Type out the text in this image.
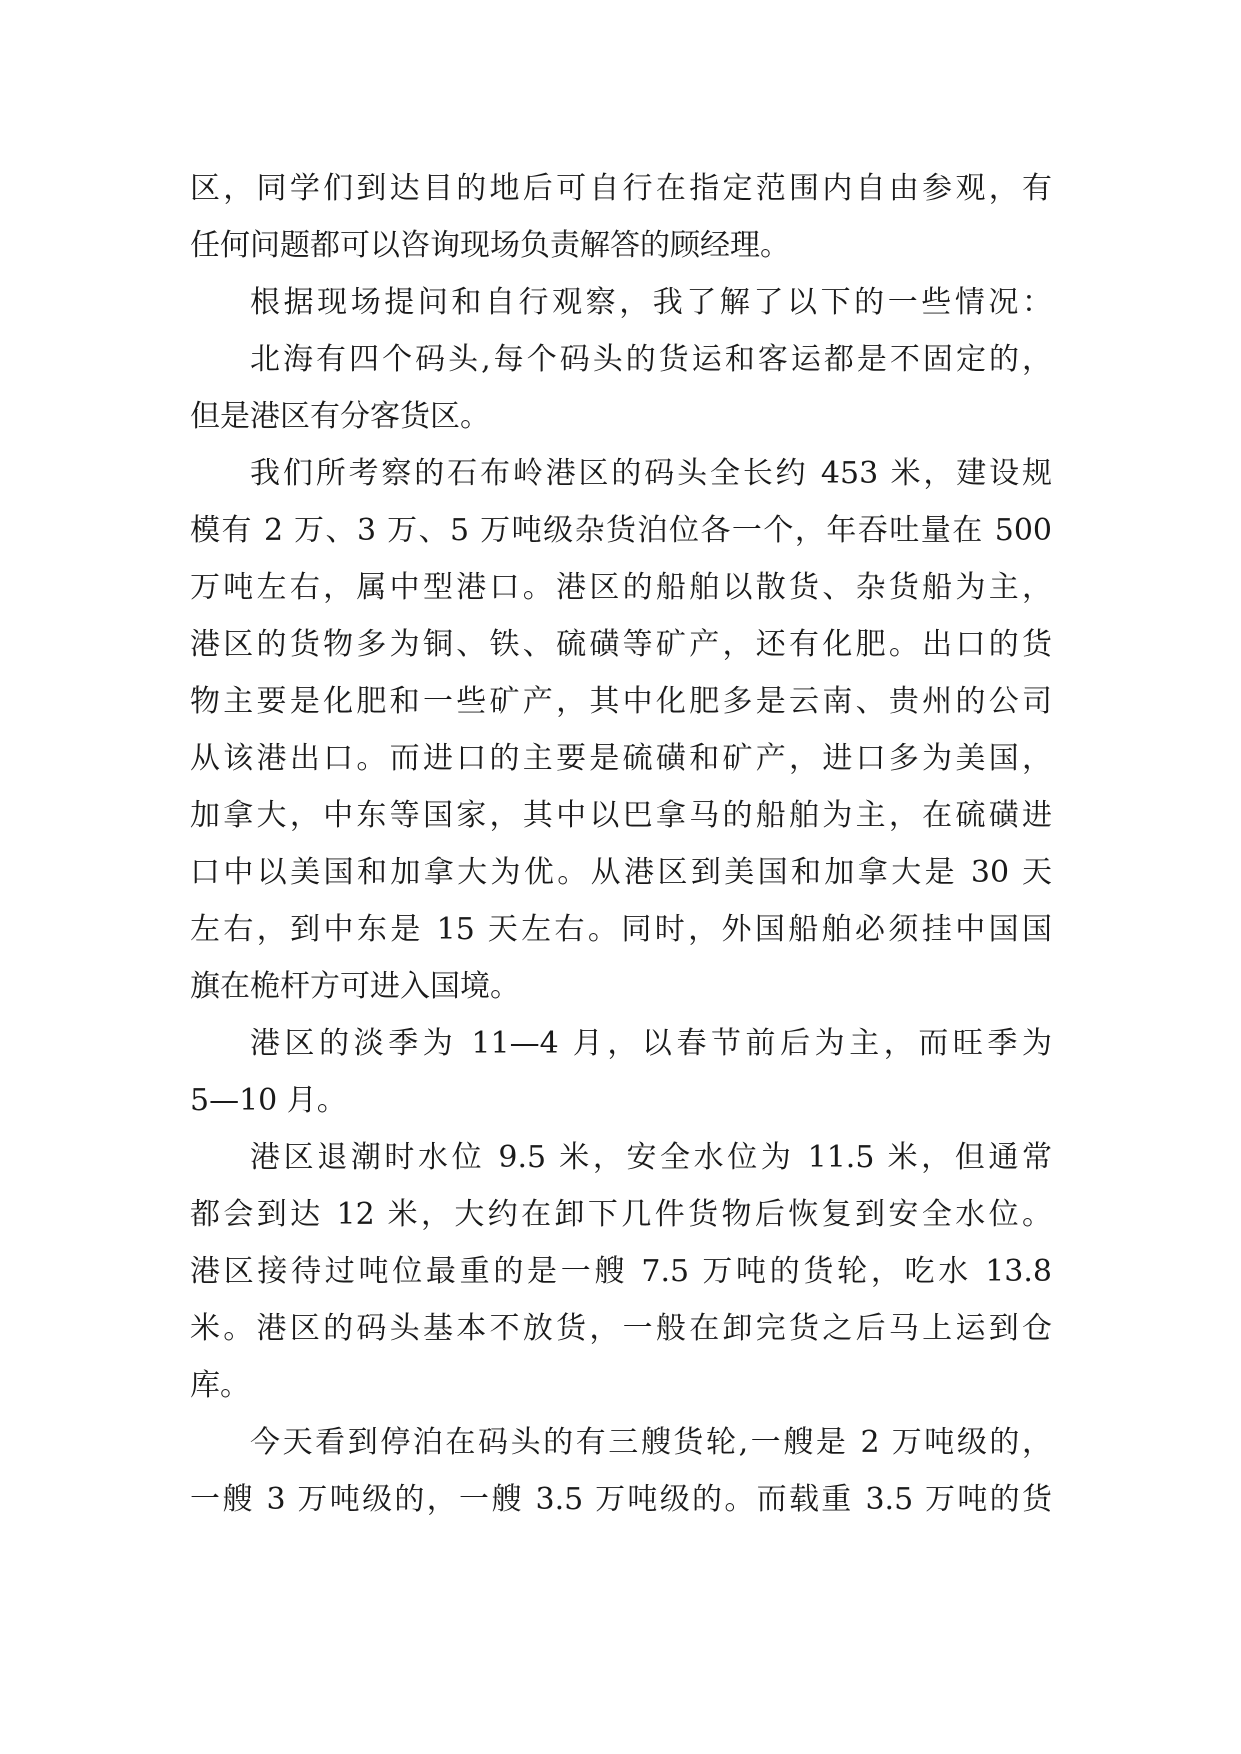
区，同学们到达目的地后可自行在指定范围内自由参观，有
任何问题都可以咨询现场负责解答的顾经理。
根据现场提问和自行观察，我了解了以下的一些情况：
北海有四个码头,每个码头的货运和客运都是不固定的，
但是港区有分客货区。
我们所考察的石布岭港区的码头全长约 453 米，建设规
模有 2 万、3 万、5 万吨级杂货泊位各一个，年吞吐量在 500
万吨左右，属中型港口。港区的船舶以散货、杂货船为主，
港区的货物多为铜、铁、硫磺等矿产，还有化肥。出口的货
物主要是化肥和一些矿产，其中化肥多是云南、贵州的公司
从该港出口。而进口的主要是硫磺和矿产，进口多为美国，
加拿大，中东等国家，其中以巴拿马的船舶为主，在硫磺进
口中以美国和加拿大为优。从港区到美国和加拿大是 30 天
左右，到中东是 15 天左右。同时，外国船舶必须挂中国国
旗在桅杆方可进入国境。
港区的淡季为 11—4 月，以春节前后为主，而旺季为
5—10 月。
港区退潮时水位 9.5 米，安全水位为 11.5 米，但通常
都会到达 12 米，大约在卸下几件货物后恢复到安全水位。
港区接待过吨位最重的是一艘 7.5 万吨的货轮，吃水 13.8
米。港区的码头基本不放货，一般在卸完货之后马上运到仓
库。
今天看到停泊在码头的有三艘货轮,一艘是 2 万吨级的，
一艘 3 万吨级的，一艘 3.5 万吨级的。而载重 3.5 万吨的货
